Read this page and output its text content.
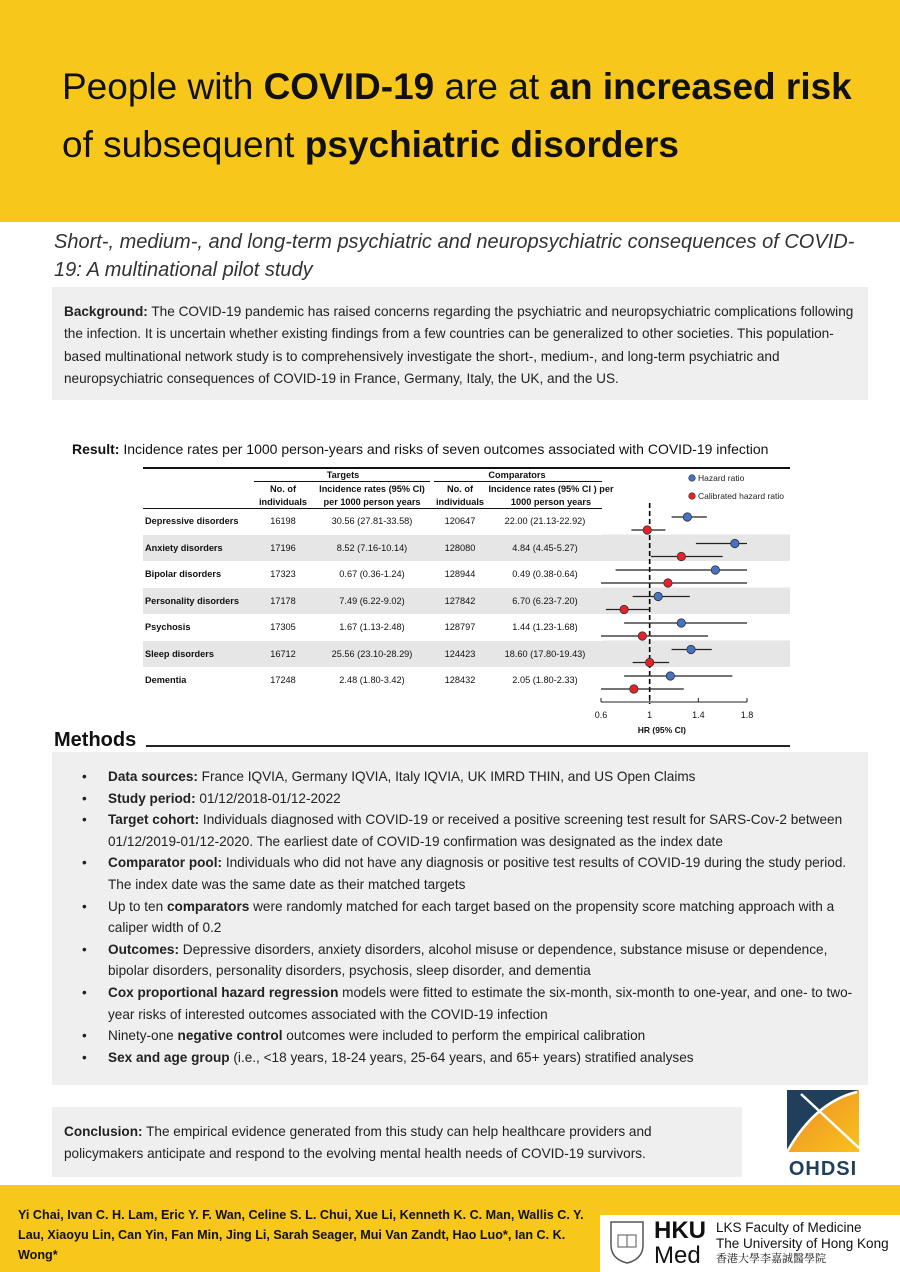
People with COVID-19 are at an increased risk of subsequent psychiatric disorders
Short-, medium-, and long-term psychiatric and neuropsychiatric consequences of COVID-19: A multinational pilot study
Background: The COVID-19 pandemic has raised concerns regarding the psychiatric and neuropsychiatric complications following the infection. It is uncertain whether existing findings from a few countries can be generalized to other societies. This population-based multinational network study is to comprehensively investigate the short-, medium-, and long-term psychiatric and neuropsychiatric consequences of COVID-19 in France, Germany, Italy, the UK, and the US.
Result: Incidence rates per 1000 person-years and risks of seven outcomes associated with COVID-19 infection
Targets	Comparators
No. of individuals
Incidence rates (95% CI) per 1000 person years
No. of individuals
Incidence rates (95% CI ) per 1000 person years
Depressive disorders	16198	30.56 (27.81-33.58)	120647	22.00 (21.13-22.92)
Anxiety disorders	17196	8.52 (7.16-10.14)	128080	4.84 (4.45-5.27)
Bipolar disorders	17323	0.67 (0.36-1.24)	128944	0.49 (0.38-0.64)
Personality disorders	17178	7.49 (6.22-9.02)	127842	6.70 (6.23-7.20)
Psychosis	17305	1.67 (1.13-2.48)	128797	1.44 (1.23-1.68)
Sleep disorders	16712	25.56 (23.10-28.29)	124423	18.60 (17.80-19.43)
Dementia	17248	2.48 (1.80-3.42)	128432	2.05 (1.80-2.33)
Hazard ratio
Calibrated hazard ratio
0.6	1	1.4	1.8
HR (95% CI)
Methods
• Data sources: France IQVIA, Germany IQVIA, Italy IQVIA, UK IMRD THIN, and US Open Claims
• Study period: 01/12/2018-01/12-2022
• Target cohort: Individuals diagnosed with COVID-19 or received a positive screening test result for SARS-Cov-2 between 01/12/2019-01/12-2020. The earliest date of COVID-19 confirmation was designated as the index date
• Comparator pool: Individuals who did not have any diagnosis or positive test results of COVID-19 during the study period. The index date was the same date as their matched targets
• Up to ten comparators were randomly matched for each target based on the propensity score matching approach with a caliper width of 0.2
• Outcomes: Depressive disorders, anxiety disorders, alcohol misuse or dependence, substance misuse or dependence, bipolar disorders, personality disorders, psychosis, sleep disorder, and dementia
• Cox proportional hazard regression models were fitted to estimate the six-month, six-month to one-year, and one- to two-year risks of interested outcomes associated with the COVID-19 infection
• Ninety-one negative control outcomes were included to perform the empirical calibration
• Sex and age group (i.e., <18 years, 18-24 years, 25-64 years, and 65+ years) stratified analyses
Conclusion: The empirical evidence generated from this study can help healthcare providers and policymakers anticipate and respond to the evolving mental health needs of COVID-19 survivors.
OHDSI
Yi Chai, Ivan C. H. Lam, Eric Y. F. Wan, Celine S. L. Chui, Xue Li, Kenneth K. C. Man, Wallis C. Y. Lau, Xiaoyu Lin, Can Yin, Fan Min, Jing Li, Sarah Seager, Mui Van Zandt, Hao Luo*, Ian C. K. Wong*
HKU
Med
LKS Faculty of Medicine
The University of Hong Kong
香港大學李嘉誠醫學院
